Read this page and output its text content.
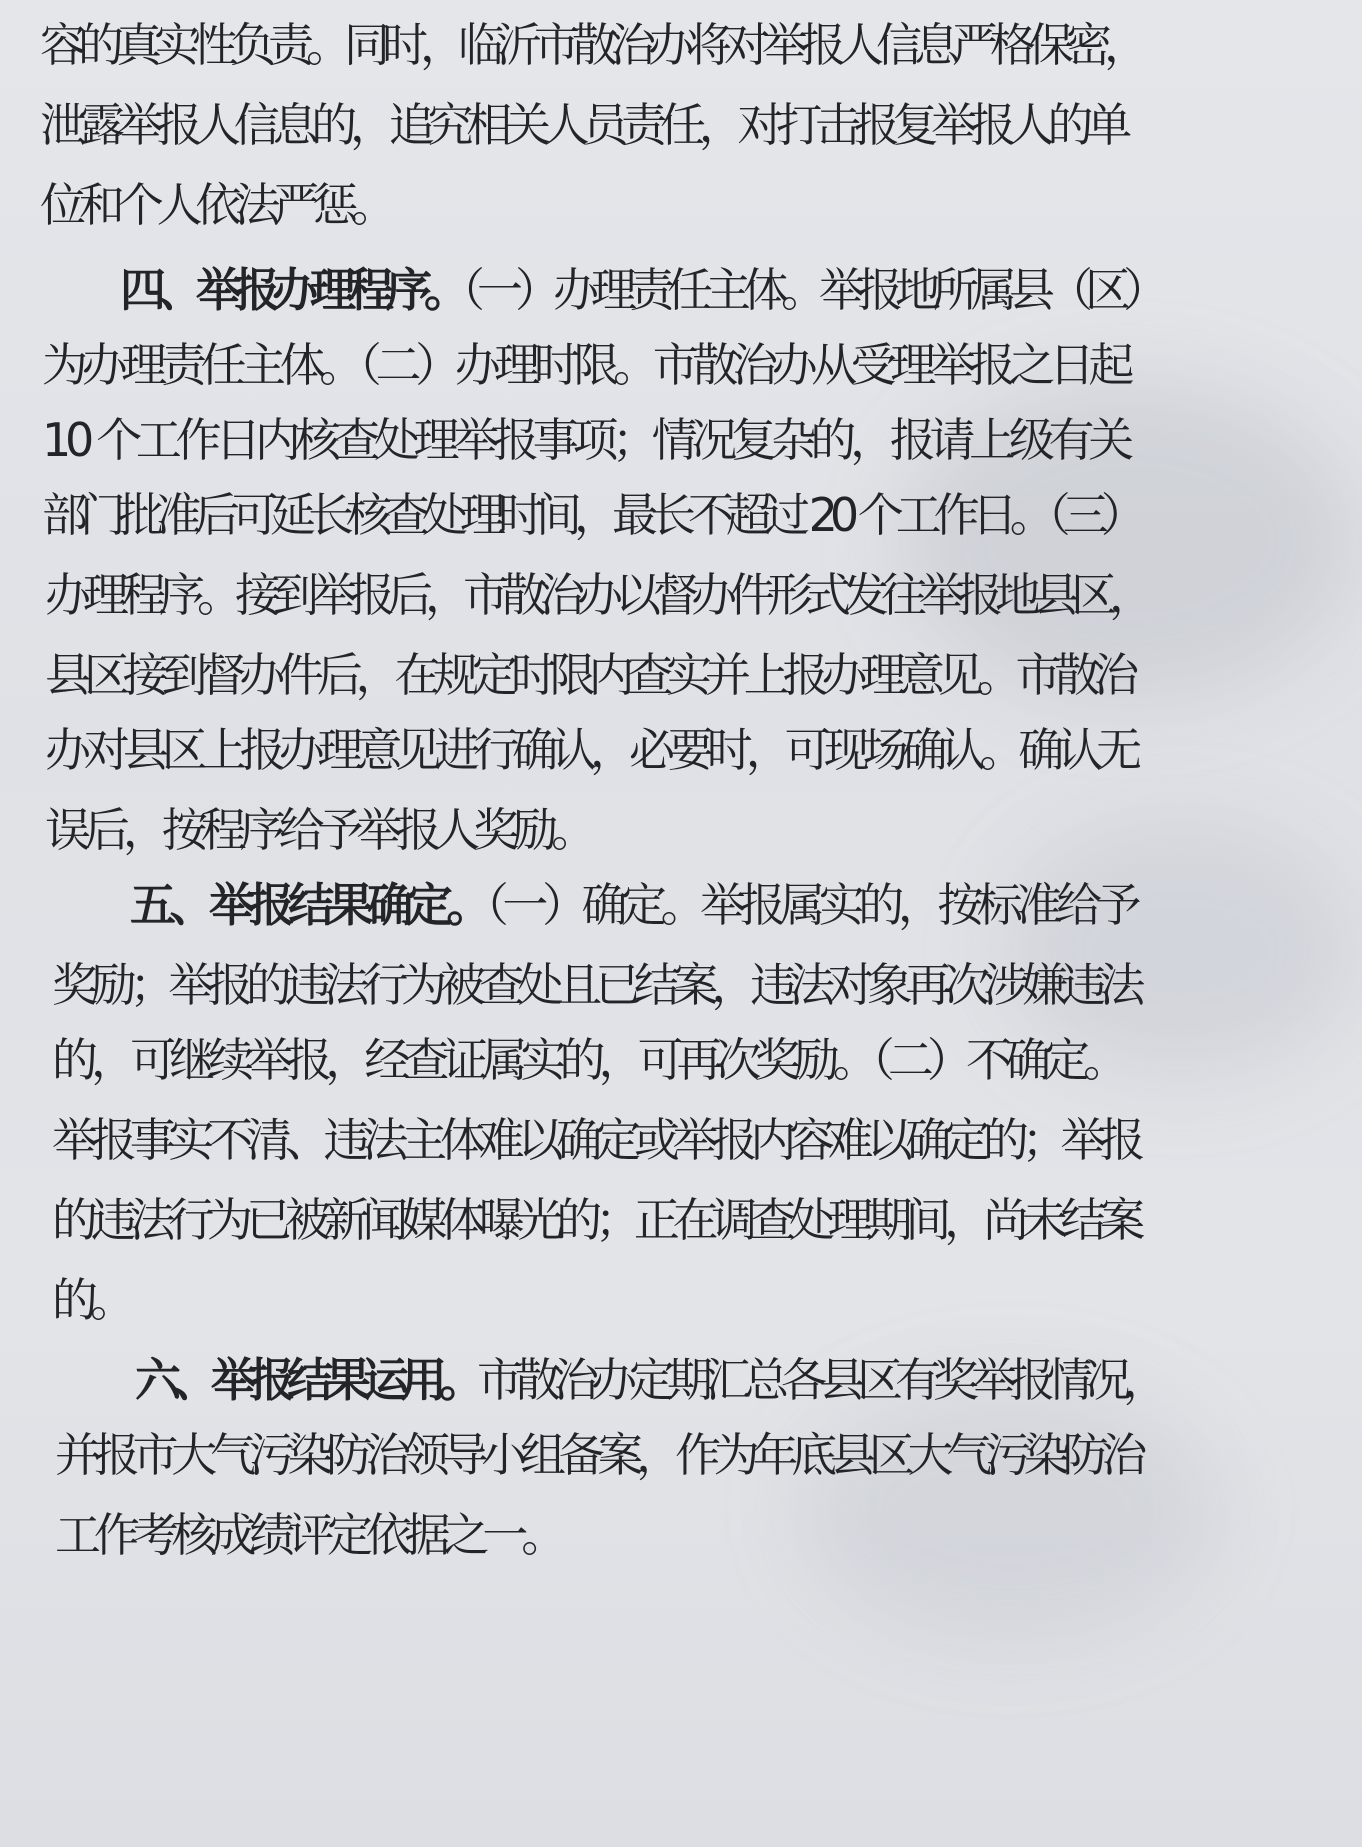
容的真实性负责。同时，临沂市散治办将对举报人信息严格保密，
泄露举报人信息的，追究相关人员责任，对打击报复举报人的单
位和个人依法严惩。
四、举报办理程序。（一）办理责任主体。举报地所属县（区）
为办理责任主体。（二）办理时限。市散治办从受理举报之日起
10 个工作日内核查处理举报事项；情况复杂的，报请上级有关
部门批准后可延长核查处理时间，最长不超过 20 个工作日。（三）
办理程序。接到举报后，市散治办以督办件形式发往举报地县区，
县区接到督办件后，在规定时限内查实并上报办理意见。市散治
办对县区上报办理意见进行确认，必要时，可现场确认。确认无
误后，按程序给予举报人奖励。
五、举报结果确定。（一）确定。举报属实的，按标准给予
奖励；举报的违法行为被查处且已结案，违法对象再次涉嫌违法
的，可继续举报，经查证属实的，可再次奖励。（二）不确定。
举报事实不清、违法主体难以确定或举报内容难以确定的；举报
的违法行为已被新闻媒体曝光的；正在调查处理期间，尚未结案
的。
六、举报结果运用。市散治办定期汇总各县区有奖举报情况，
并报市大气污染防治领导小组备案，作为年底县区大气污染防治
工作考核成绩评定依据之一。
